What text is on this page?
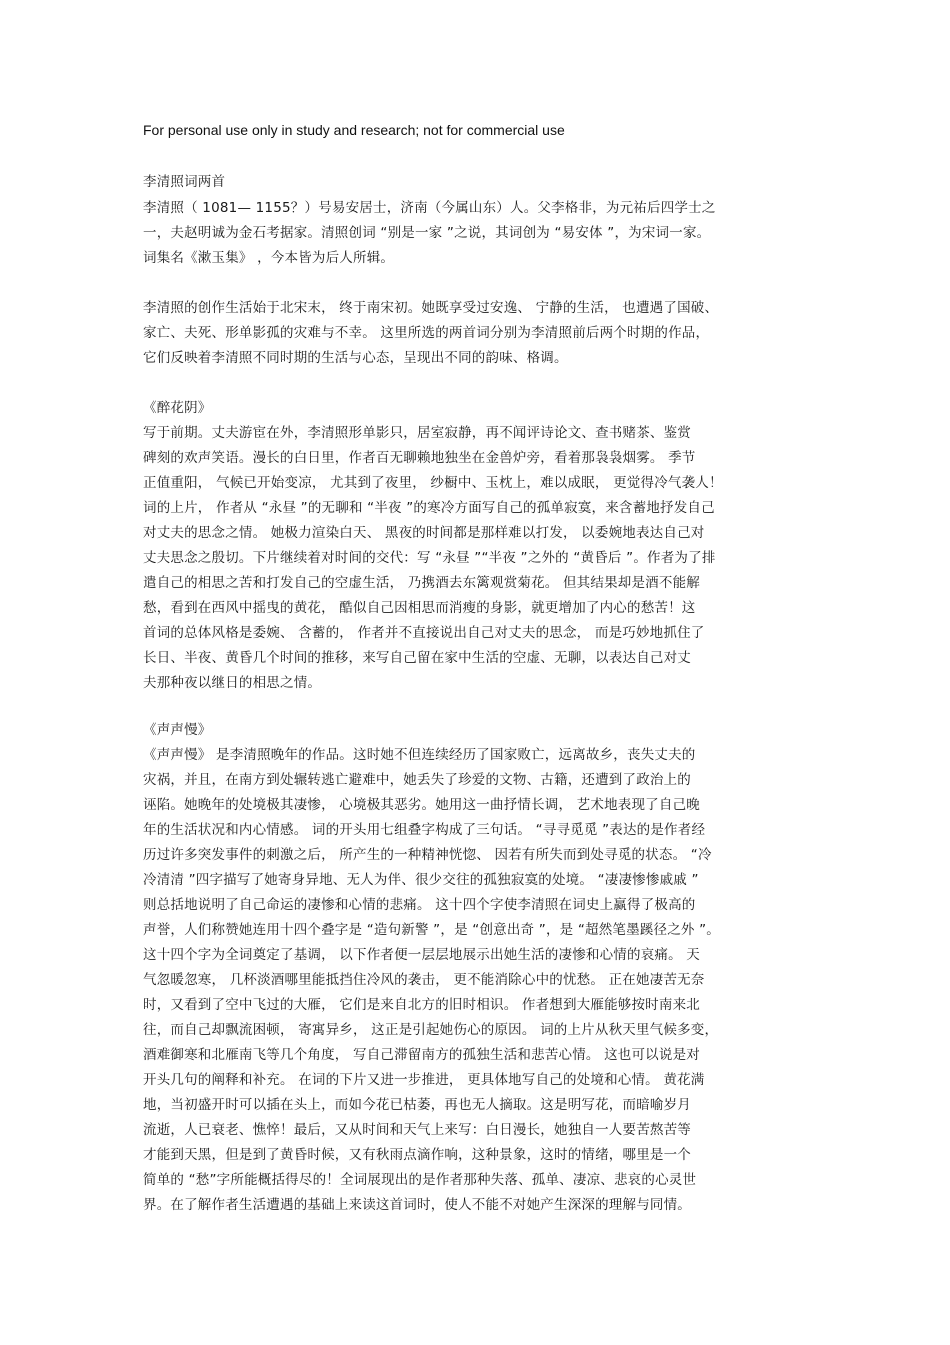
For personal use only in study and research; not for commercial use
李清照词两首
李清照（ 1081— 1155？）号易安居士，济南（今属山东）人。父李格非，为元祐后四学士之
一，夫赵明诚为金石考据家。清照创词 “别是一家 ”之说，其词创为 “易安体 ”，为宋词一家。
词集名《漱玉集》 ，今本皆为后人所辑。
李清照的创作生活始于北宋末， 终于南宋初。她既享受过安逸、 宁静的生活， 也遭遇了国破、
家亡、夫死、形单影孤的灾难与不幸。 这里所选的两首词分别为李清照前后两个时期的作品，
它们反映着李清照不同时期的生活与心态，呈现出不同的韵味、格调。
《醉花阴》
写于前期。丈夫游宦在外，李清照形单影只，居室寂静，再不闻评诗论文、查书赌茶、鉴赏
碑刻的欢声笑语。漫长的白日里，作者百无聊赖地独坐在金兽炉旁，看着那袅袅烟雾。 季节
正值重阳， 气候已开始变凉， 尤其到了夜里， 纱橱中、玉枕上，难以成眠， 更觉得冷气袭人！
词的上片， 作者从 “永昼 ”的无聊和 “半夜 ”的寒冷方面写自己的孤单寂寞，来含蓄地抒发自己
对丈夫的思念之情。 她极力渲染白天、 黑夜的时间都是那样难以打发， 以委婉地表达自己对
丈夫思念之殷切。下片继续着对时间的交代：写 “永昼 ”“半夜 ”之外的 “黄昏后 ”。作者为了排
遣自己的相思之苦和打发自己的空虚生活， 乃携酒去东篱观赏菊花。 但其结果却是酒不能解
愁，看到在西风中摇曳的黄花， 酷似自己因相思而消瘦的身影，就更增加了内心的愁苦！这
首词的总体风格是委婉、 含蓄的， 作者并不直接说出自己对丈夫的思念， 而是巧妙地抓住了
长日、半夜、黄昏几个时间的推移，来写自己留在家中生活的空虚、无聊，以表达自己对丈
夫那种夜以继日的相思之情。
《声声慢》
《声声慢》 是李清照晚年的作品。这时她不但连续经历了国家败亡，远离故乡，丧失丈夫的
灾祸，并且，在南方到处辗转逃亡避难中，她丢失了珍爱的文物、古籍，还遭到了政治上的
诬陷。她晚年的处境极其凄惨， 心境极其恶劣。她用这一曲抒情长调， 艺术地表现了自己晚
年的生活状况和内心情感。 词的开头用七组叠字构成了三句话。 “寻寻觅觅 ”表达的是作者经
历过许多突发事件的刺激之后， 所产生的一种精神恍惚、 因若有所失而到处寻觅的状态。 “冷
冷清清 ”四字描写了她寄身异地、无人为伴、很少交往的孤独寂寞的处境。 “凄凄惨惨戚戚 ”
则总括地说明了自己命运的凄惨和心情的悲痛。 这十四个字使李清照在词史上赢得了极高的
声誉，人们称赞她连用十四个叠字是 “造句新警 ”，是 “创意出奇 ”，是 “超然笔墨蹊径之外 ”。
这十四个字为全词奠定了基调， 以下作者便一层层地展示出她生活的凄惨和心情的哀痛。 天
气忽暖忽寒， 几杯淡酒哪里能抵挡住冷风的袭击， 更不能消除心中的忧愁。 正在她凄苦无奈
时，又看到了空中飞过的大雁， 它们是来自北方的旧时相识。 作者想到大雁能够按时南来北
往，而自己却飘流困顿， 寄寓异乡， 这正是引起她伤心的原因。 词的上片从秋天里气候多变，
酒难御寒和北雁南飞等几个角度， 写自己滞留南方的孤独生活和悲苦心情。 这也可以说是对
开头几句的阐释和补充。 在词的下片又进一步推进， 更具体地写自己的处境和心情。 黄花满
地，当初盛开时可以插在头上，而如今花已枯萎，再也无人摘取。这是明写花，而暗喻岁月
流逝，人已衰老、憔悴！最后，又从时间和天气上来写：白日漫长，她独自一人要苦熬苦等
才能到天黑，但是到了黄昏时候，又有秋雨点滴作响，这种景象，这时的情绪，哪里是一个
简单的 “愁”字所能概括得尽的！全词展现出的是作者那种失落、孤单、凄凉、悲哀的心灵世
界。在了解作者生活遭遇的基础上来读这首词时，使人不能不对她产生深深的理解与同情。
